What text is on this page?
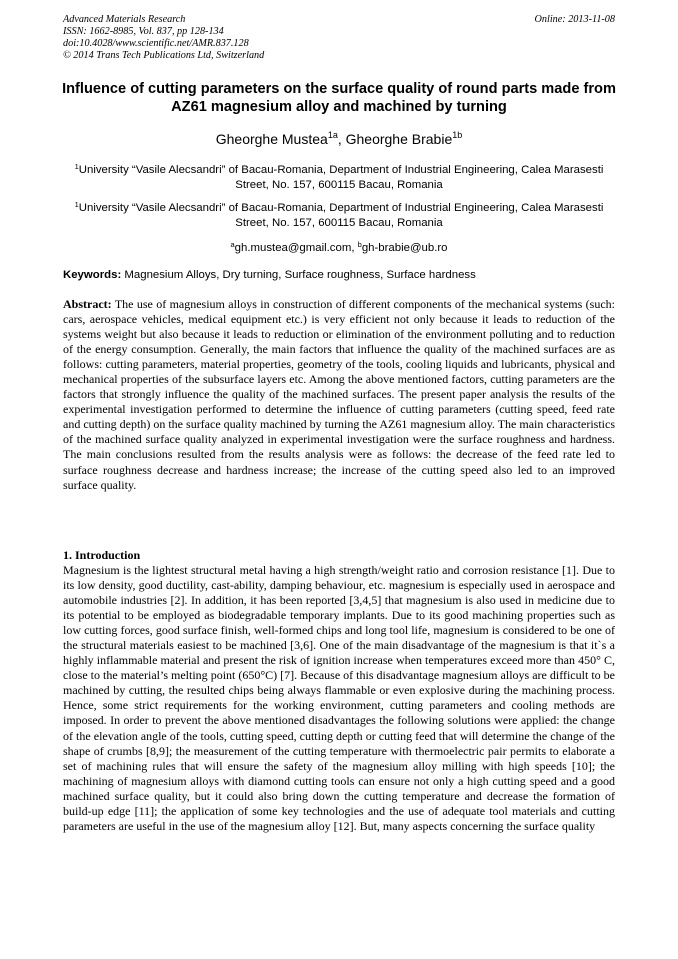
Advanced Materials Research
ISSN: 1662-8985, Vol. 837, pp 128-134
doi:10.4028/www.scientific.net/AMR.837.128
© 2014 Trans Tech Publications Ltd, Switzerland
Online: 2013-11-08
Influence of cutting parameters on the surface quality of round parts made from AZ61 magnesium alloy and machined by turning
Gheorghe Mustea$^{1a}$, Gheorghe Brabie$^{1b}$
$^1$University “Vasile Alecsandri” of Bacau-Romania, Department of Industrial Engineering, Calea Marasesti Street, No. 157, 600115 Bacau, Romania
$^1$University “Vasile Alecsandri” of Bacau-Romania, Department of Industrial Engineering, Calea Marasesti Street, No. 157, 600115 Bacau, Romania
$^a$gh.mustea@gmail.com, $^b$gh-brabie@ub.ro
Keywords: Magnesium Alloys, Dry turning, Surface roughness, Surface hardness
Abstract: The use of magnesium alloys in construction of different components of the mechanical systems (such: cars, aerospace vehicles, medical equipment etc.) is very efficient not only because it leads to reduction of the systems weight but also because it leads to reduction or elimination of the environment polluting and to reduction of the energy consumption. Generally, the main factors that influence the quality of the machined surfaces are as follows: cutting parameters, material properties, geometry of the tools, cooling liquids and lubricants, physical and mechanical properties of the subsurface layers etc. Among the above mentioned factors, cutting parameters are the factors that strongly influence the quality of the machined surfaces. The present paper analysis the results of the experimental investigation performed to determine the influence of cutting parameters (cutting speed, feed rate and cutting depth) on the surface quality machined by turning the AZ61 magnesium alloy. The main characteristics of the machined surface quality analyzed in experimental investigation were the surface roughness and hardness. The main conclusions resulted from the results analysis were as follows: the decrease of the feed rate led to surface roughness decrease and hardness increase; the increase of the cutting speed also led to an improved surface quality.
1. Introduction
Magnesium is the lightest structural metal having a high strength/weight ratio and corrosion resistance [1]. Due to its low density, good ductility, cast-ability, damping behaviour, etc. magnesium is especially used in aerospace and automobile industries [2]. In addition, it has been reported [3,4,5] that magnesium is also used in medicine due to its potential to be employed as biodegradable temporary implants. Due to its good machining properties such as low cutting forces, good surface finish, well-formed chips and long tool life, magnesium is considered to be one of the structural materials easiest to be machined [3,6]. One of the main disadvantage of the magnesium is that it`s a highly inflammable material and present the risk of ignition increase when temperatures exceed more than 450° C, close to the material’s melting point (650°C) [7]. Because of this disadvantage magnesium alloys are difficult to be machined by cutting, the resulted chips being always flammable or even explosive during the machining process. Hence, some strict requirements for the working environment, cutting parameters and cooling methods are imposed. In order to prevent the above mentioned disadvantages the following solutions were applied: the change of the elevation angle of the tools, cutting speed, cutting depth or cutting feed that will determine the change of the shape of crumbs [8,9]; the measurement of the cutting temperature with thermoelectric pair permits to elaborate a set of machining rules that will ensure the safety of the magnesium alloy milling with high speeds [10]; the machining of magnesium alloys with diamond cutting tools can ensure not only a high cutting speed and a good machined surface quality, but it could also bring down the cutting temperature and decrease the formation of build-up edge [11]; the application of some key technologies and the use of adequate tool materials and cutting parameters are useful in the use of the magnesium alloy [12]. But, many aspects concerning the surface quality
